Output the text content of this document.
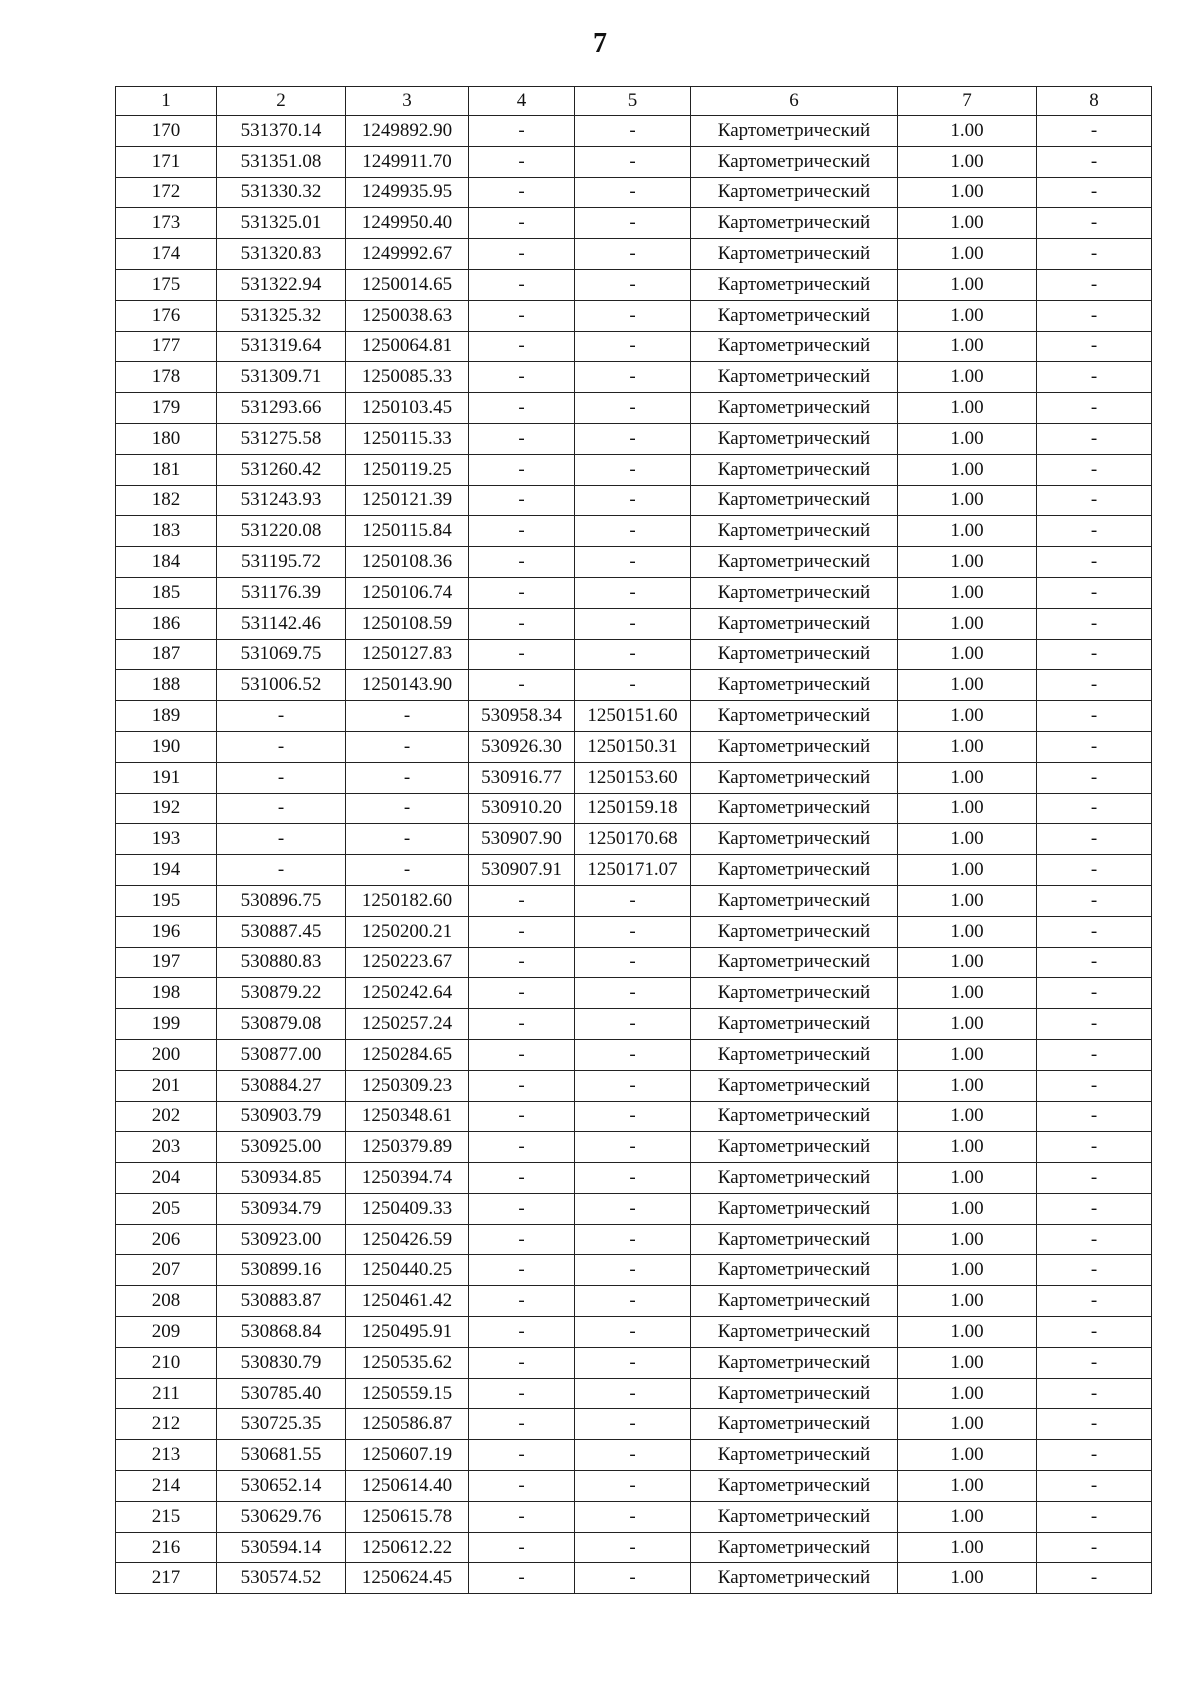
7
1	2	3	4	5	6	7	8
170	531370.14	1249892.90	-	-	Картометрический	1.00	-
171	531351.08	1249911.70	-	-	Картометрический	1.00	-
172	531330.32	1249935.95	-	-	Картометрический	1.00	-
173	531325.01	1249950.40	-	-	Картометрический	1.00	-
174	531320.83	1249992.67	-	-	Картометрический	1.00	-
175	531322.94	1250014.65	-	-	Картометрический	1.00	-
176	531325.32	1250038.63	-	-	Картометрический	1.00	-
177	531319.64	1250064.81	-	-	Картометрический	1.00	-
178	531309.71	1250085.33	-	-	Картометрический	1.00	-
179	531293.66	1250103.45	-	-	Картометрический	1.00	-
180	531275.58	1250115.33	-	-	Картометрический	1.00	-
181	531260.42	1250119.25	-	-	Картометрический	1.00	-
182	531243.93	1250121.39	-	-	Картометрический	1.00	-
183	531220.08	1250115.84	-	-	Картометрический	1.00	-
184	531195.72	1250108.36	-	-	Картометрический	1.00	-
185	531176.39	1250106.74	-	-	Картометрический	1.00	-
186	531142.46	1250108.59	-	-	Картометрический	1.00	-
187	531069.75	1250127.83	-	-	Картометрический	1.00	-
188	531006.52	1250143.90	-	-	Картометрический	1.00	-
189	-	-	530958.34	1250151.60	Картометрический	1.00	-
190	-	-	530926.30	1250150.31	Картометрический	1.00	-
191	-	-	530916.77	1250153.60	Картометрический	1.00	-
192	-	-	530910.20	1250159.18	Картометрический	1.00	-
193	-	-	530907.90	1250170.68	Картометрический	1.00	-
194	-	-	530907.91	1250171.07	Картометрический	1.00	-
195	530896.75	1250182.60	-	-	Картометрический	1.00	-
196	530887.45	1250200.21	-	-	Картометрический	1.00	-
197	530880.83	1250223.67	-	-	Картометрический	1.00	-
198	530879.22	1250242.64	-	-	Картометрический	1.00	-
199	530879.08	1250257.24	-	-	Картометрический	1.00	-
200	530877.00	1250284.65	-	-	Картометрический	1.00	-
201	530884.27	1250309.23	-	-	Картометрический	1.00	-
202	530903.79	1250348.61	-	-	Картометрический	1.00	-
203	530925.00	1250379.89	-	-	Картометрический	1.00	-
204	530934.85	1250394.74	-	-	Картометрический	1.00	-
205	530934.79	1250409.33	-	-	Картометрический	1.00	-
206	530923.00	1250426.59	-	-	Картометрический	1.00	-
207	530899.16	1250440.25	-	-	Картометрический	1.00	-
208	530883.87	1250461.42	-	-	Картометрический	1.00	-
209	530868.84	1250495.91	-	-	Картометрический	1.00	-
210	530830.79	1250535.62	-	-	Картометрический	1.00	-
211	530785.40	1250559.15	-	-	Картометрический	1.00	-
212	530725.35	1250586.87	-	-	Картометрический	1.00	-
213	530681.55	1250607.19	-	-	Картометрический	1.00	-
214	530652.14	1250614.40	-	-	Картометрический	1.00	-
215	530629.76	1250615.78	-	-	Картометрический	1.00	-
216	530594.14	1250612.22	-	-	Картометрический	1.00	-
217	530574.52	1250624.45	-	-	Картометрический	1.00	-
